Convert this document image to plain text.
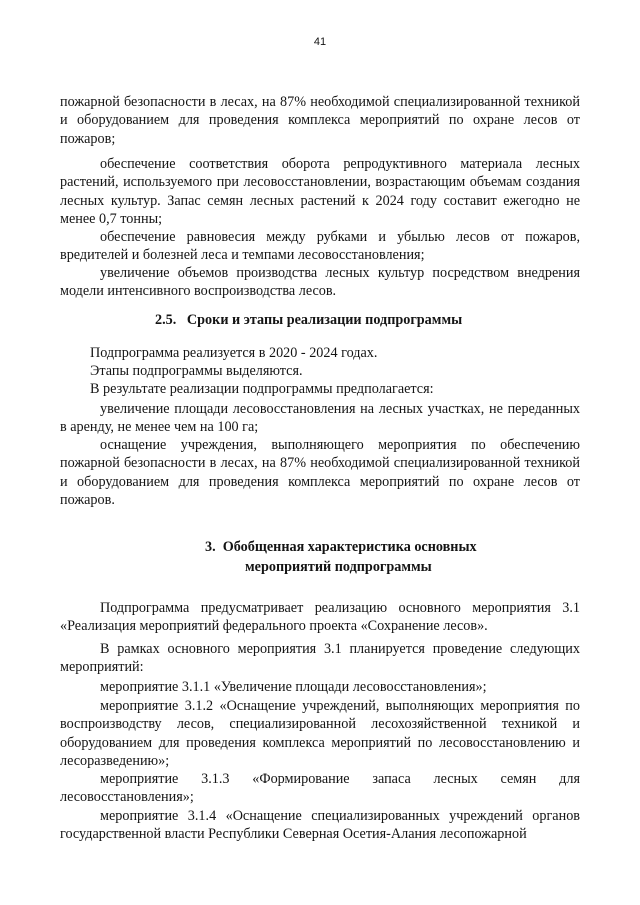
41

пожарной безопасности в лесах, на 87% необходимой специализированной техникой и оборудованием для проведения комплекса мероприятий по охране лесов от пожаров;

обеспечение соответствия оборота репродуктивного материала лесных растений, используемого при лесовосстановлении, возрастающим объемам создания лесных культур. Запас семян лесных растений к 2024 году составит ежегодно не менее 0,7 тонны;

обеспечение равновесия между рубками и убылью лесов от пожаров, вредителей и болезней леса и темпами лесовосстановления;

увеличение объемов производства лесных культур посредством внедрения модели интенсивного воспроизводства лесов.

2.5.   Сроки и этапы реализации подпрограммы

Подпрограмма реализуется в 2020 - 2024 годах.

Этапы подпрограммы выделяются.

В результате реализации подпрограммы предполагается:

увеличение площади лесовосстановления на лесных участках, не переданных в аренду, не менее чем на 100 га;

оснащение учреждения, выполняющего мероприятия по обеспечению пожарной безопасности в лесах, на 87% необходимой специализированной техникой и оборудованием для проведения комплекса мероприятий по охране лесов от пожаров.

3.  Обобщенная характеристика основных
мероприятий подпрограммы

Подпрограмма предусматривает реализацию основного мероприятия 3.1 «Реализация мероприятий федерального проекта «Сохранение лесов».

В рамках основного мероприятия 3.1 планируется проведение следующих мероприятий:

мероприятие 3.1.1 «Увеличение площади лесовосстановления»;

мероприятие 3.1.2 «Оснащение учреждений, выполняющих мероприятия по воспроизводству лесов, специализированной лесохозяйственной техникой и оборудованием для проведения комплекса мероприятий по лесовосстановлению и лесоразведению»;

мероприятие 3.1.3 «Формирование запаса лесных семян для лесовосстановления»;

мероприятие 3.1.4 «Оснащение специализированных учреждений органов государственной власти Республики Северная Осетия-Алания лесопожарной
